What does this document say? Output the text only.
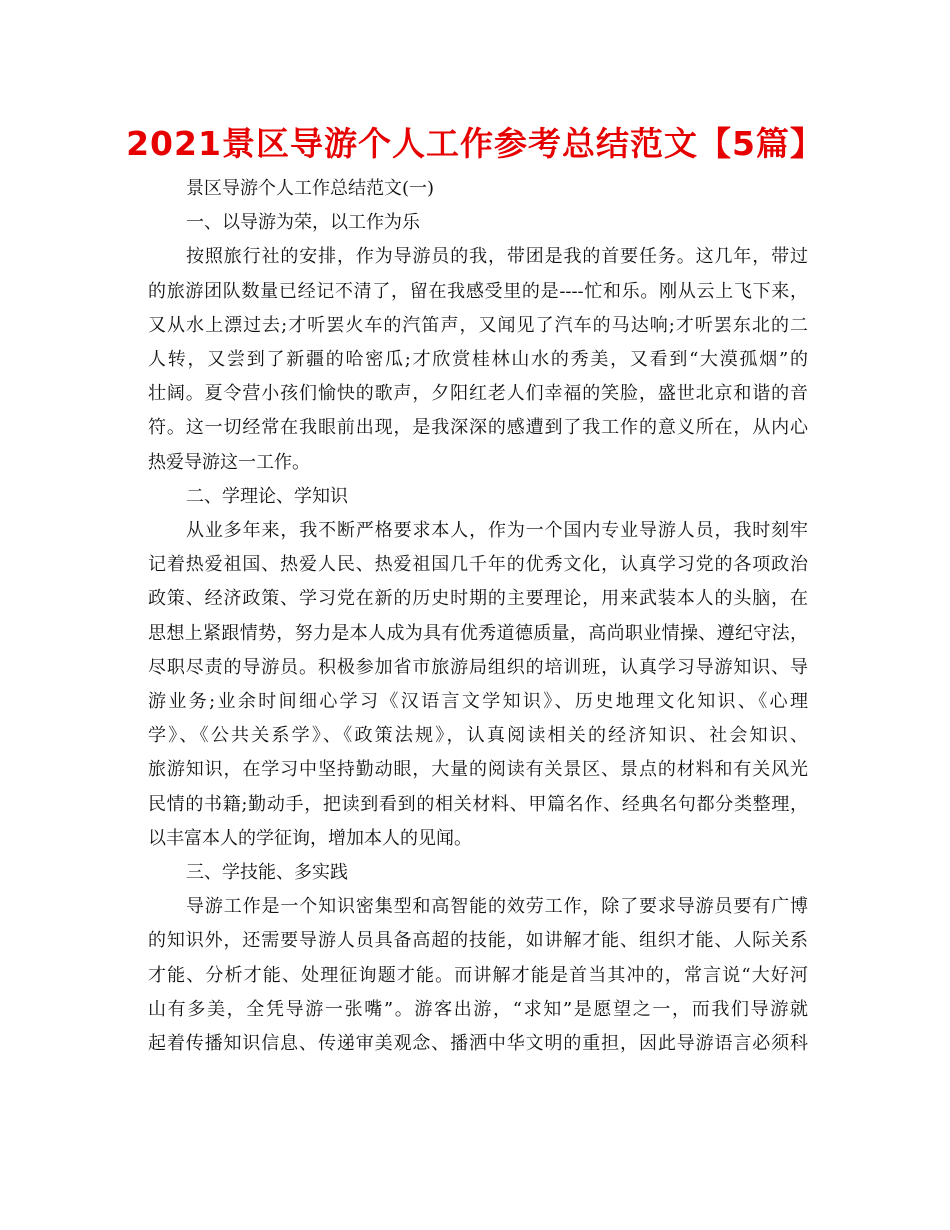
2021景区导游个人工作参考总结范文【5篇】
景区导游个人工作总结范文(一)
一、以导游为荣，以工作为乐

按照旅行社的安排，作为导游员的我，带团是我的首要任务。这几年，带过
的旅游团队数量已经记不清了，留在我感受里的是----忙和乐。刚从云上飞下来，
又从水上漂过去;才听罢火车的汽笛声，又闻见了汽车的马达响;才听罢东北的二
人转，又尝到了新疆的哈密瓜;才欣赏桂林山水的秀美，又看到“大漠孤烟”的
壮阔。夏令营小孩们愉快的歌声，夕阳红老人们幸福的笑脸，盛世北京和谐的音
符。这一切经常在我眼前出现，是我深深的感遭到了我工作的意义所在，从内心
热爱导游这一工作。

二、学理论、学知识

从业多年来，我不断严格要求本人，作为一个国内专业导游人员，我时刻牢
记着热爱祖国、热爱人民、热爱祖国几千年的优秀文化，认真学习党的各项政治
政策、经济政策、学习党在新的历史时期的主要理论，用来武装本人的头脑，在
思想上紧跟情势，努力是本人成为具有优秀道德质量，高尚职业情操、遵纪守法，
尽职尽责的导游员。积极参加省市旅游局组织的培训班，认真学习导游知识、导
游业务;业余时间细心学习《汉语言文学知识》、历史地理文化知识、《心理
学》、《公共关系学》、《政策法规》，认真阅读相关的经济知识、社会知识、
旅游知识，在学习中坚持勤动眼，大量的阅读有关景区、景点的材料和有关风光
民情的书籍;勤动手，把读到看到的相关材料、甲篇名作、经典名句都分类整理，
以丰富本人的学征询，增加本人的见闻。

三、学技能、多实践

导游工作是一个知识密集型和高智能的效劳工作，除了要求导游员要有广博
的知识外，还需要导游人员具备高超的技能，如讲解才能、组织才能、人际关系
才能、分析才能、处理征询题才能。而讲解才能是首当其冲的，常言说“大好河
山有多美，全凭导游一张嘴”。游客出游，“求知”是愿望之一，而我们导游就
起着传播知识信息、传递审美观念、播洒中华文明的重担，因此导游语言必须科
